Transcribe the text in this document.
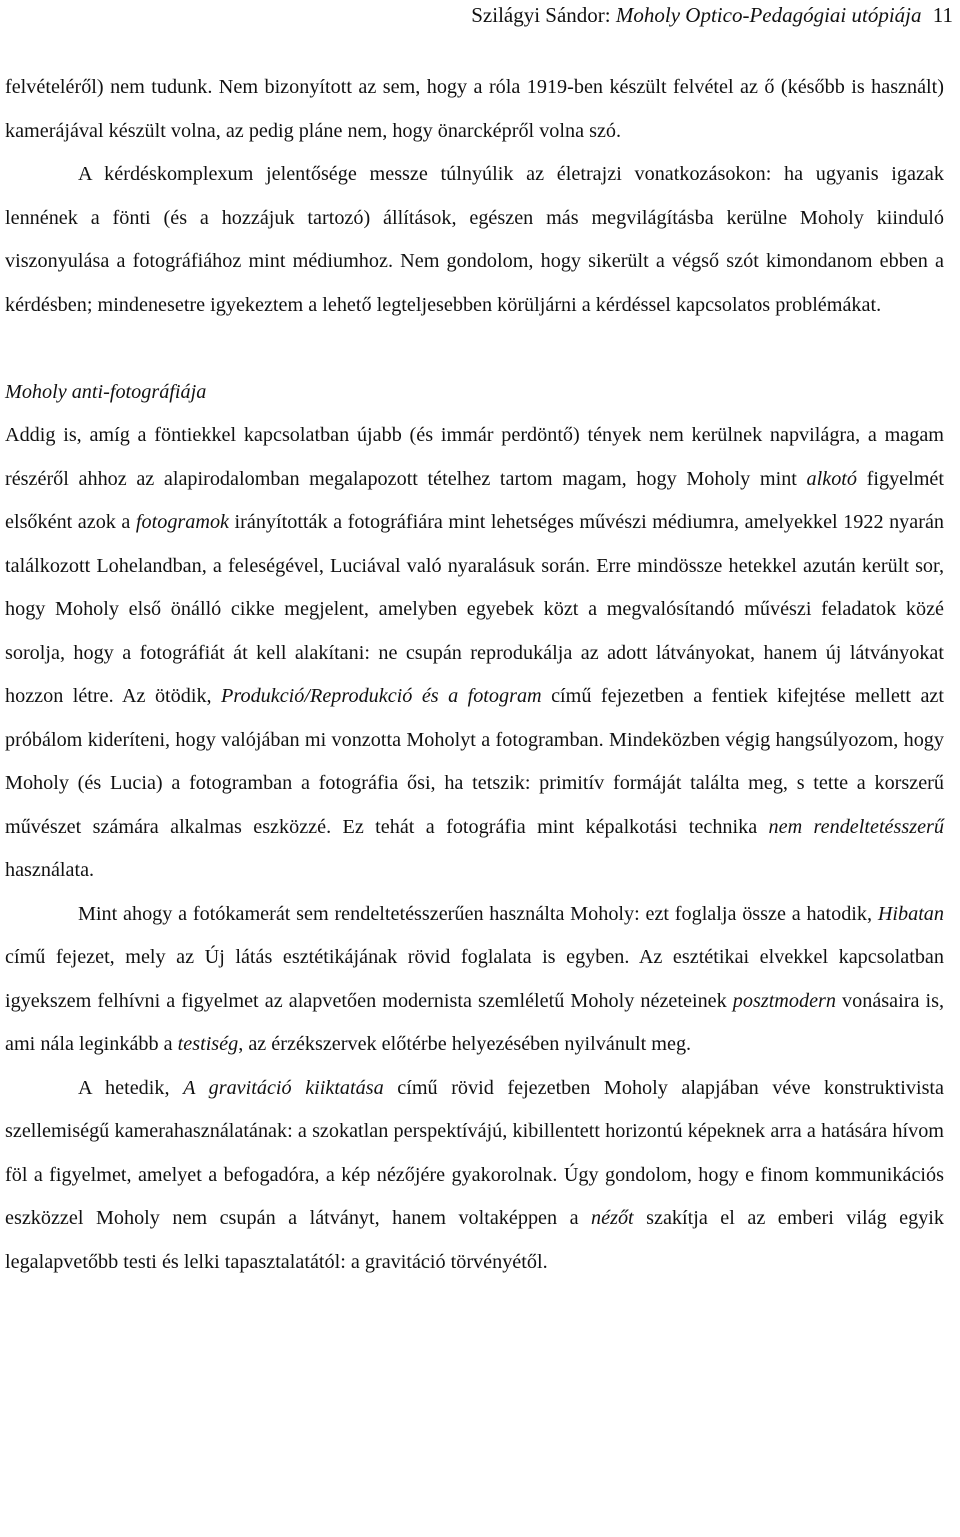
Szilágyi Sándor: Moholy Optico-Pedagógiai utópiája 11

felvételéről) nem tudunk. Nem bizonyított az sem, hogy a róla 1919-ben készült felvétel az ő (később is használt) kamerájával készült volna, az pedig pláne nem, hogy önarcképről volna szó.

A kérdéskomplexum jelentősége messze túlnyúlik az életrajzi vonatkozásokon: ha ugyanis igazak lennének a fönti (és a hozzájuk tartozó) állítások, egészen más megvilágításba kerülne Moholy kiinduló viszonyulása a fotográfiához mint médiumhoz. Nem gondolom, hogy sikerült a végső szót kimondanom ebben a kérdésben; mindenesetre igyekeztem a lehető legteljesebben körüljárni a kérdéssel kapcsolatos problémákat.

Moholy anti-fotográfiája

Addig is, amíg a föntiekkel kapcsolatban újabb (és immár perdöntő) tények nem kerülnek napvilágra, a magam részéről ahhoz az alapirodalomban megalapozott tételhez tartom magam, hogy Moholy mint alkotó figyelmét elsőként azok a fotogramok irányították a fotográfiára mint lehetséges művészi médiumra, amelyekkel 1922 nyarán találkozott Lohelandban, a feleségével, Luciával való nyaralásuk során. Erre mindössze hetekkel azután került sor, hogy Moholy első önálló cikke megjelent, amelyben egyebek közt a megvalósítandó művészi feladatok közé sorolja, hogy a fotográfiát át kell alakítani: ne csupán reprodukálja az adott látványokat, hanem új látványokat hozzon létre. Az ötödik, Produkció/Reprodukció és a fotogram című fejezetben a fentiek kifejtése mellett azt próbálom kideríteni, hogy valójában mi vonzotta Moholyt a fotogramban. Mindeközben végig hangsúlyozom, hogy Moholy (és Lucia) a fotogramban a fotográfia ősi, ha tetszik: primitív formáját találta meg, s tette a korszerű művészet számára alkalmas eszközzé. Ez tehát a fotográfia mint képalkotási technika nem rendeltetésszerű használata.

Mint ahogy a fotókamerát sem rendeltetésszerűen használta Moholy: ezt foglalja össze a hatodik, Hibatan című fejezet, mely az Új látás esztétikájának rövid foglalata is egyben. Az esztétikai elvekkel kapcsolatban igyekszem felhívni a figyelmet az alapvetően modernista szemléletű Moholy nézeteinek posztmodern vonásaira is, ami nála leginkább a testiség, az érzékszervek előtérbe helyezésében nyilvánult meg.

A hetedik, A gravitáció kiiktatása című rövid fejezetben Moholy alapjában véve konstruktivista szellemiségű kamerahasználatának: a szokatlan perspektívájú, kibillentett horizontú képeknek arra a hatására hívom föl a figyelmet, amelyet a befogadóra, a kép nézőjére gyakorolnak. Úgy gondolom, hogy e finom kommunikációs eszközzel Moholy nem csupán a látványt, hanem voltaképpen a nézőt szakítja el az emberi világ egyik legalapvetőbb testi és lelki tapasztalatától: a gravitáció törvényétől.
